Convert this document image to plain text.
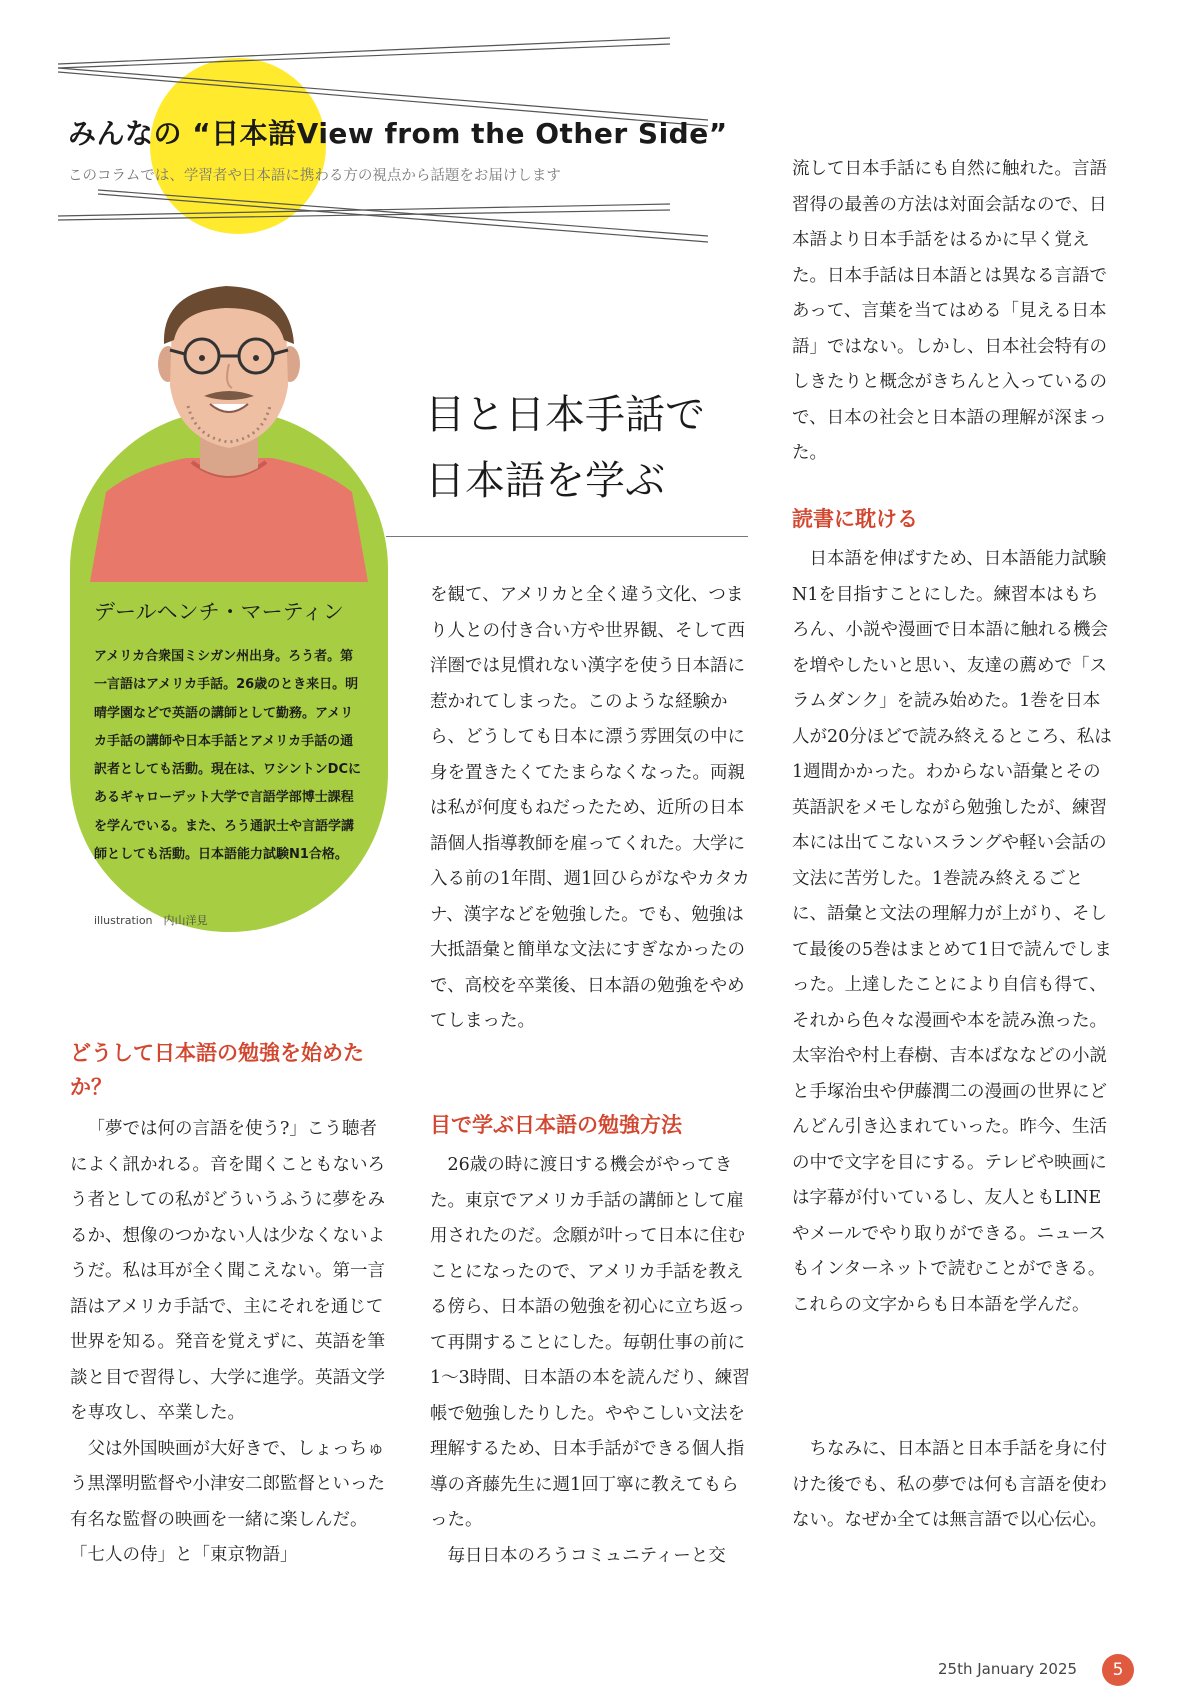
みんなの “日本語View from the Other Side”
このコラムでは、学習者や日本語に携わる方の視点から話題をお届けします
デールヘンチ・マーティン
アメリカ合衆国ミシガン州出身。ろう者。第一言語はアメリカ手話。26歳のとき来日。明晴学園などで英語の講師として勤務。アメリカ手話の講師や日本手話とアメリカ手話の通訳者としても活動。現在は、ワシントンDCにあるギャローデット大学で言語学部博士課程を学んでいる。また、ろう通訳士や言語学講師としても活動。日本語能力試験N1合格。
illustration　内山洋見
目と日本手話で
日本語を学ぶ
どうして日本語の勉強を始めたか？

「夢では何の言語を使う?」こう聴者によく訊かれる。音を聞くこともないろう者としての私がどういうふうに夢をみるか、想像のつかない人は少なくないようだ。私は耳が全く聞こえない。第一言語はアメリカ手話で、主にそれを通じて世界を知る。発音を覚えずに、英語を筆談と目で習得し、大学に進学。英語文学を専攻し、卒業した。

父は外国映画が大好きで、しょっちゅう黒澤明監督や小津安二郎監督といった有名な監督の映画を一緒に楽しんだ。「七人の侍」と「東京物語」

を観て、アメリカと全く違う文化、つまり人との付き合い方や世界観、そして西洋圏では見慣れない漢字を使う日本語に惹かれてしまった。このような経験から、どうしても日本に漂う雰囲気の中に身を置きたくてたまらなくなった。両親は私が何度もねだったため、近所の日本語個人指導教師を雇ってくれた。大学に入る前の1年間、週1回ひらがなやカタカナ、漢字などを勉強した。でも、勉強は大抵語彙と簡単な文法にすぎなかったので、高校を卒業後、日本語の勉強をやめてしまった。

目で学ぶ日本語の勉強方法

26歳の時に渡日する機会がやってきた。東京でアメリカ手話の講師として雇用されたのだ。念願が叶って日本に住むことになったので、アメリカ手話を教える傍ら、日本語の勉強を初心に立ち返って再開することにした。毎朝仕事の前に1〜3時間、日本語の本を読んだり、練習帳で勉強したりした。ややこしい文法を理解するため、日本手話ができる個人指導の斉藤先生に週1回丁寧に教えてもらった。

毎日日本のろうコミュニティーと交

流して日本手話にも自然に触れた。言語習得の最善の方法は対面会話なので、日本語より日本手話をはるかに早く覚えた。日本手話は日本語とは異なる言語であって、言葉を当てはめる「見える日本語」ではない。しかし、日本社会特有のしきたりと概念がきちんと入っているので、日本の社会と日本語の理解が深まった。

読書に耽ける

日本語を伸ばすため、日本語能力試験N1を目指すことにした。練習本はもちろん、小説や漫画で日本語に触れる機会を増やしたいと思い、友達の薦めで「スラムダンク」を読み始めた。1巻を日本人が20分ほどで読み終えるところ、私は1週間かかった。わからない語彙とその英語訳をメモしながら勉強したが、練習本には出てこないスラングや軽い会話の文法に苦労した。1巻読み終えるごとに、語彙と文法の理解力が上がり、そして最後の5巻はまとめて1日で読んでしまった。上達したことにより自信も得て、それから色々な漫画や本を読み漁った。太宰治や村上春樹、吉本ばななどの小説と手塚治虫や伊藤潤二の漫画の世界にどんどん引き込まれていった。昨今、生活の中で文字を目にする。テレビや映画には字幕が付いているし、友人ともLINEやメールでやり取りができる。ニュースもインターネットで読むことができる。これらの文字からも日本語を学んだ。

ちなみに、日本語と日本手話を身に付けた後でも、私の夢では何も言語を使わない。なぜか全ては無言語で以心伝心。

25th January 2025	5
